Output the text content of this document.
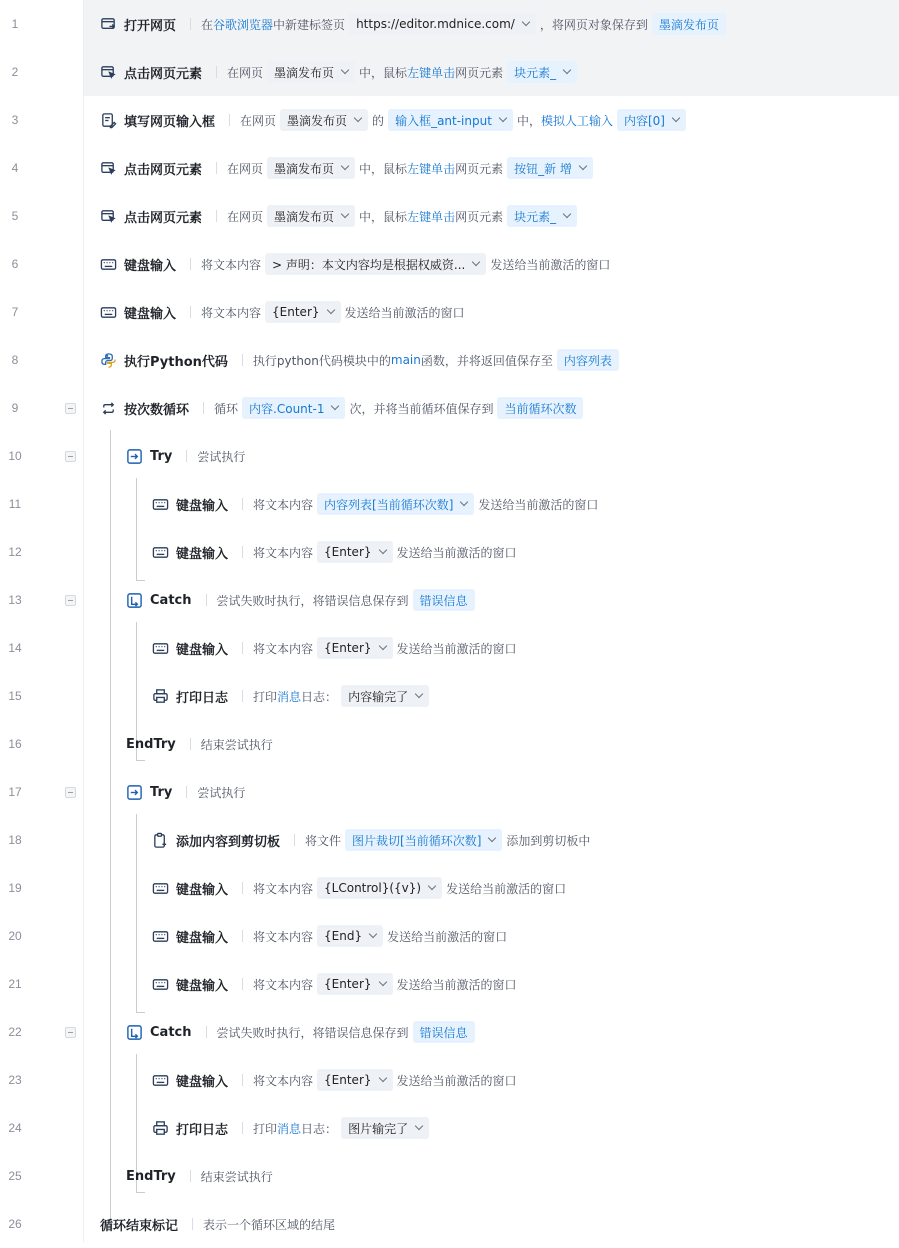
1	打开网页 在 谷歌浏览器 中新建标签页 https://editor.mdnice.com/ ，将网页对象保存到 墨滴发布页
2	点击网页元素 在网页 墨滴发布页 中，鼠标 左键单击 网页元素 块元素_
3	填写网页输入框 在网页 墨滴发布页 的 输入框_ant-input 中， 模拟人工输入 内容[0]
4	点击网页元素 在网页 墨滴发布页 中，鼠标 左键单击 网页元素 按钮_新 增
5	点击网页元素 在网页 墨滴发布页 中，鼠标 左键单击 网页元素 块元素_
6	键盘输入 将文本内容 > 声明：本文内容均是根据权威资... 发送给当前激活的窗口
7	键盘输入 将文本内容 {Enter} 发送给当前激活的窗口
8	执行Python代码 执行python代码模块中的 main 函数，并将返回值保存至 内容列表
9	按次数循环 循环 内容.Count-1 次，并将当前循环值保存到 当前循环次数
10	Try 尝试执行
11	键盘输入 将文本内容 内容列表[当前循环次数] 发送给当前激活的窗口
12	键盘输入 将文本内容 {Enter} 发送给当前激活的窗口
13	Catch 尝试失败时执行，将错误信息保存到 错误信息
14	键盘输入 将文本内容 {Enter} 发送给当前激活的窗口
15	打印日志 打印 消息 日志： 内容输完了
16	EndTry 结束尝试执行
17	Try 尝试执行
18	添加内容到剪切板 将文件 图片裁切[当前循环次数] 添加到剪切板中
19	键盘输入 将文本内容 {LControl}({v}) 发送给当前激活的窗口
20	键盘输入 将文本内容 {End} 发送给当前激活的窗口
21	键盘输入 将文本内容 {Enter} 发送给当前激活的窗口
22	Catch 尝试失败时执行，将错误信息保存到 错误信息
23	键盘输入 将文本内容 {Enter} 发送给当前激活的窗口
24	打印日志 打印 消息 日志： 图片输完了
25	EndTry 结束尝试执行
26	循环结束标记 表示一个循环区域的结尾
